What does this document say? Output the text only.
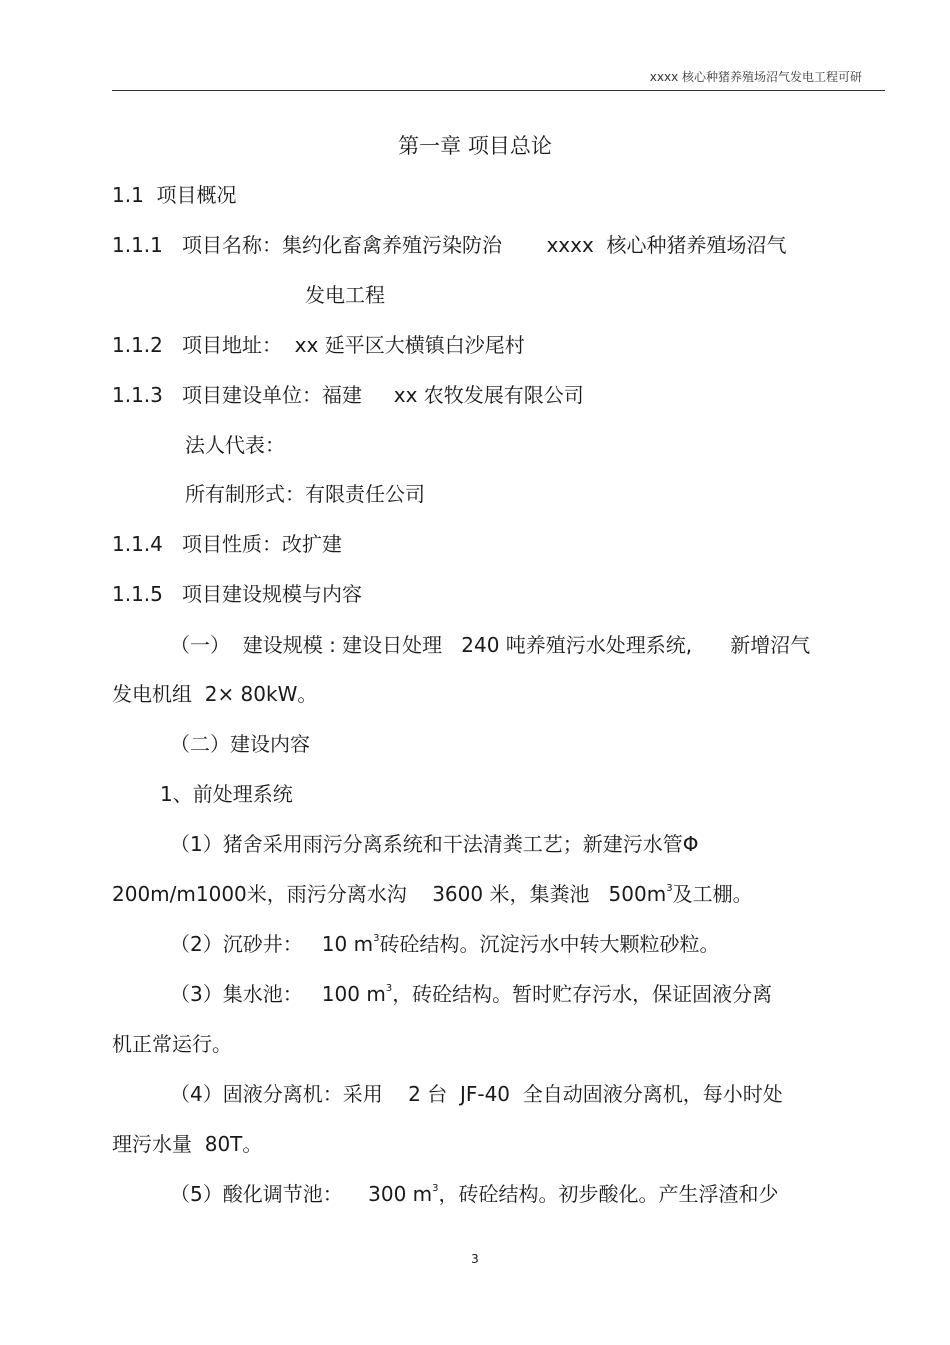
xxxx 核心种猪养殖场沼气发电工程可研
第一章 项目总论
1.1  项目概况
1.1.1   项目名称：集约化畜禽养殖污染防治       xxxx  核心种猪养殖场沼气
发电工程
1.1.2   项目地址：  xx 延平区大横镇白沙尾村
1.1.3   项目建设单位：福建     xx 农牧发展有限公司
法人代表：
所有制形式：有限责任公司
1.1.4   项目性质：改扩建
1.1.5   项目建设规模与内容
（一）  建设规模 : 建设日处理   240 吨养殖污水处理系统,      新增沼气
发电机组  2× 80kW。
（二）建设内容
1、前处理系统
（1）猪舍采用雨污分离系统和干法清粪工艺；新建污水管Φ
200m/m1000米，雨污分离水沟    3600 米，集粪池   $500m^3$及工棚。
（2）沉砂井：   10 $m^3$砖砼结构。沉淀污水中转大颗粒砂粒。
（3）集水池：   100 $m^3$，砖砼结构。暂时贮存污水，保证固液分离
机正常运行。
（4）固液分离机：采用    2 台  JF-40  全自动固液分离机，每小时处
理污水量  80T。
（5）酸化调节池：    300 $m^3$，砖砼结构。初步酸化。产生浮渣和少
3
